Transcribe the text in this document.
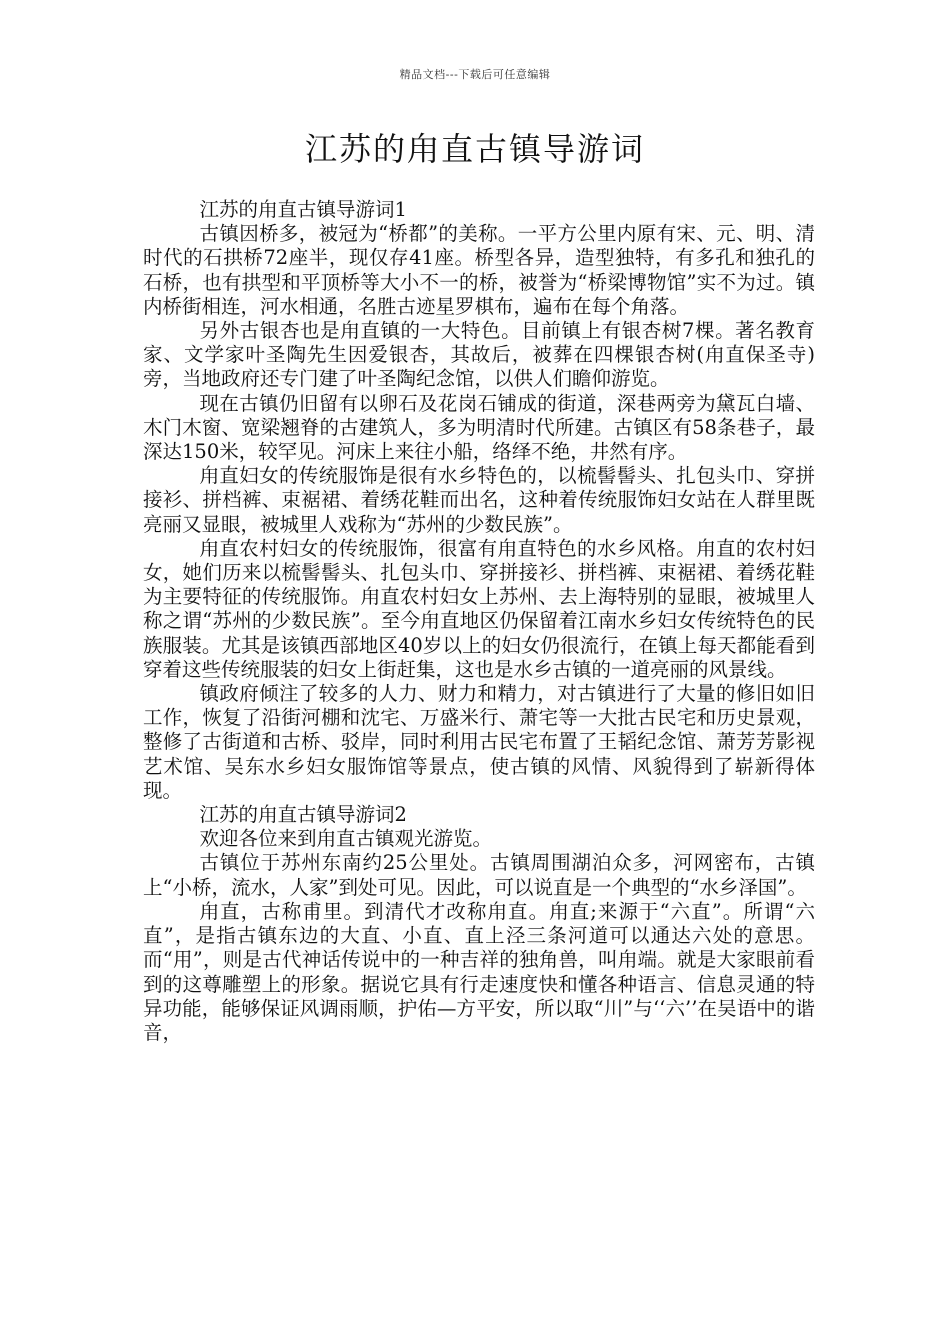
精品文档---下载后可任意编辑
江苏的甪直古镇导游词

江苏的甪直古镇导游词1

古镇因桥多，被冠为“桥都”的美称。一平方公里内原有宋、元、明、清时代的石拱桥72座半，现仅存41座。桥型各异，造型独特，有多孔和独孔的石桥，也有拱型和平顶桥等大小不一的桥，被誉为“桥梁博物馆”实不为过。镇内桥街相连，河水相通，名胜古迹星罗棋布，遍布在每个角落。

另外古银杏也是甪直镇的一大特色。目前镇上有银杏树7棵。著名教育家、文学家叶圣陶先生因爱银杏，其故后，被葬在四棵银杏树(甪直保圣寺)旁，当地政府还专门建了叶圣陶纪念馆，以供人们瞻仰游览。

现在古镇仍旧留有以卵石及花岗石铺成的街道，深巷两旁为黛瓦白墙、木门木窗、宽梁翘脊的古建筑人，多为明清时代所建。古镇区有58条巷子，最深达150米，较罕见。河床上来往小船，络绎不绝，井然有序。

甪直妇女的传统服饰是很有水乡特色的，以梳髻髻头、扎包头巾、穿拼接衫、拼档裤、束裾裙、着绣花鞋而出名，这种着传统服饰妇女站在人群里既亮丽又显眼，被城里人戏称为“苏州的少数民族”。

甪直农村妇女的传统服饰，很富有甪直特色的水乡风格。甪直的农村妇女，她们历来以梳髻髻头、扎包头巾、穿拼接衫、拼档裤、束裾裙、着绣花鞋为主要特征的传统服饰。甪直农村妇女上苏州、去上海特别的显眼，被城里人称之谓“苏州的少数民族”。至今甪直地区仍保留着江南水乡妇女传统特色的民族服装。尤其是该镇西部地区40岁以上的妇女仍很流行，在镇上每天都能看到穿着这些传统服装的妇女上街赶集，这也是水乡古镇的一道亮丽的风景线。

镇政府倾注了较多的人力、财力和精力，对古镇进行了大量的修旧如旧工作，恢复了沿街河棚和沈宅、万盛米行、萧宅等一大批古民宅和历史景观，整修了古街道和古桥、驳岸，同时利用古民宅布置了王韬纪念馆、萧芳芳影视艺术馆、吴东水乡妇女服饰馆等景点，使古镇的风情、风貌得到了崭新得体现。

江苏的甪直古镇导游词2

欢迎各位来到甪直古镇观光游览。

古镇位于苏州东南约25公里处。古镇周围湖泊众多，河网密布，古镇上“小桥，流水，人家”到处可见。因此，可以说直是一个典型的“水乡泽国”。

甪直，古称甫里。到清代才改称甪直。甪直;来源于“六直”。所谓“六直”，是指古镇东边的大直、小直、直上泾三条河道可以通达六处的意思。而“用”，则是古代神话传说中的一种吉祥的独角兽，叫甪端。就是大家眼前看到的这尊雕塑上的形象。据说它具有行走速度快和懂各种语言、信息灵通的特异功能，能够保证风调雨顺，护佑—方平安，所以取“川”与‘‘六’’在吴语中的谐音，
